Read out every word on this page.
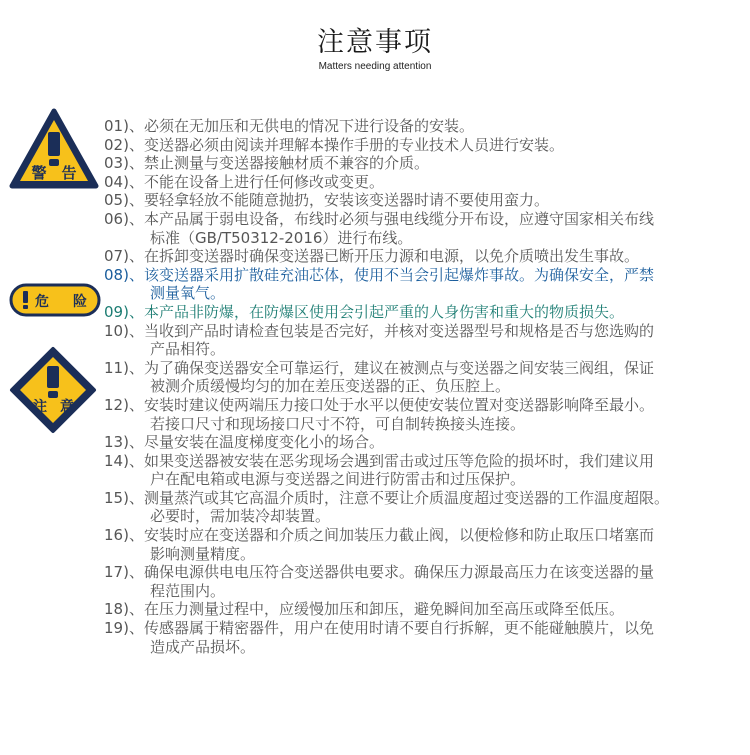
注意事项
Matters needing attention
警 告
危 险
注 意
01)、必须在无加压和无供电的情况下进行设备的安装。
02)、变送器必须由阅读并理解本操作手册的专业技术人员进行安装。
03)、禁止测量与变送器接触材质不兼容的介质。
04)、不能在设备上进行任何修改或变更。
05)、要轻拿轻放不能随意抛扔，安装该变送器时请不要使用蛮力。
06)、本产品属于弱电设备，布线时必须与强电线缆分开布设，应遵守国家相关布线
标准（GB/T50312-2016）进行布线。
07)、在拆卸变送器时确保变送器已断开压力源和电源，以免介质喷出发生事故。
08)、该变送器采用扩散硅充油芯体，使用不当会引起爆炸事故。为确保安全，严禁
测量氧气。
09)、本产品非防爆，在防爆区使用会引起严重的人身伤害和重大的物质损失。
10)、当收到产品时请检查包装是否完好，并核对变送器型号和规格是否与您选购的
产品相符。
11)、为了确保变送器安全可靠运行，建议在被测点与变送器之间安装三阀组，保证
被测介质缓慢均匀的加在差压变送器的正、负压腔上。
12)、安装时建议使两端压力接口处于水平以便使安装位置对变送器影响降至最小。
若接口尺寸和现场接口尺寸不符，可自制转换接头连接。
13)、尽量安装在温度梯度变化小的场合。
14)、如果变送器被安装在恶劣现场会遇到雷击或过压等危险的损坏时，我们建议用
户在配电箱或电源与变送器之间进行防雷击和过压保护。
15)、测量蒸汽或其它高温介质时，注意不要让介质温度超过变送器的工作温度超限。
必要时，需加装冷却装置。
16)、安装时应在变送器和介质之间加装压力截止阀，以便检修和防止取压口堵塞而
影响测量精度。
17)、确保电源供电电压符合变送器供电要求。确保压力源最高压力在该变送器的量
程范围内。
18)、在压力测量过程中，应缓慢加压和卸压，避免瞬间加至高压或降至低压。
19)、传感器属于精密器件，用户在使用时请不要自行拆解，更不能碰触膜片，以免
造成产品损坏。
